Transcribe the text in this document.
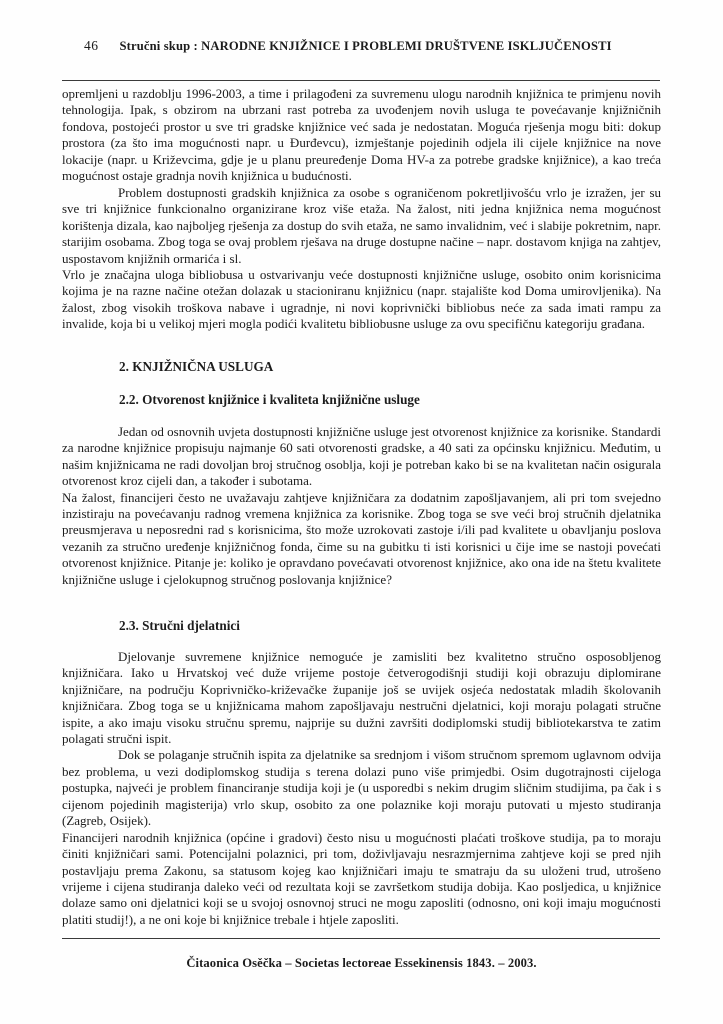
46 Stručni skup : NARODNE KNJIŽNICE I PROBLEMI DRUŠTVENE ISKLJUČENOSTI

opremljeni u razdoblju 1996-2003, a time i prilagođeni za suvremenu ulogu narodnih knjižnica te primjenu novih tehnologija. Ipak, s obzirom na ubrzani rast potreba za uvođenjem novih usluga te povećavanje knjižničnih fondova, postojeći prostor u sve tri gradske knjižnice već sada je nedostatan. Moguća rješenja mogu biti: dokup prostora (za što ima mogućnosti napr. u Đurđevcu), izmještanje pojedinih odjela ili cijele knjižnice na nove lokacije (napr. u Križevcima, gdje je u planu preuređenje Doma HV-a za potrebe gradske knjižnice), a kao treća mogućnost ostaje gradnja novih knjižnica u budućnosti.

Problem dostupnosti gradskih knjižnica za osobe s ograničenom pokretljivošću vrlo je izražen, jer su sve tri knjižnice funkcionalno organizirane kroz više etaža. Na žalost, niti jedna knjižnica nema mogućnost korištenja dizala, kao najboljeg rješenja za dostup do svih etaža, ne samo invalidnim, već i slabije pokretnim, napr. starijim osobama. Zbog toga se ovaj problem rješava na druge dostupne načine – napr. dostavom knjiga na zahtjev, uspostavom knjižnih ormarića i sl.

Vrlo je značajna uloga bibliobusa u ostvarivanju veće dostupnosti knjižnične usluge, osobito onim korisnicima kojima je na razne načine otežan dolazak u stacioniranu knjižnicu (napr. stajalište kod Doma umirovljenika). Na žalost, zbog visokih troškova nabave i ugradnje, ni novi koprivnički bibliobus neće za sada imati rampu za invalide, koja bi u velikoj mjeri mogla podići kvalitetu bibliobusne usluge za ovu specifičnu kategoriju građana.

2. KNJIŽNIČNA USLUGA
2.2. Otvorenost knjižnice i kvaliteta knjižnične usluge

Jedan od osnovnih uvjeta dostupnosti knjižnične usluge jest otvorenost knjižnice za korisnike. Standardi za narodne knjižnice propisuju najmanje 60 sati otvorenosti gradske, a 40 sati za općinsku knjižnicu. Međutim, u našim knjižnicama ne radi dovoljan broj stručnog osoblja, koji je potreban kako bi se na kvalitetan način osigurala otvorenost kroz cijeli dan, a također i subotama.

Na žalost, financijeri često ne uvažavaju zahtjeve knjižničara za dodatnim zapošljavanjem, ali pri tom svejedno inzistiraju na povećavanju radnog vremena knjižnica za korisnike. Zbog toga se sve veći broj stručnih djelatnika preusmjerava u neposredni rad s korisnicima, što može uzrokovati zastoje i/ili pad kvalitete u obavljanju poslova vezanih za stručno uređenje knjižničnog fonda, čime su na gubitku ti isti korisnici u čije ime se nastoji povećati otvorenost knjižnice. Pitanje je: koliko je opravdano povećavati otvorenost knjižnice, ako ona ide na štetu kvalitete knjižnične usluge i cjelokupnog stručnog poslovanja knjižnice?

2.3. Stručni djelatnici

Djelovanje suvremene knjižnice nemoguće je zamisliti bez kvalitetno stručno osposobljenog knjižničara. Iako u Hrvatskoj već duže vrijeme postoje četverogodišnji studiji koji obrazuju diplomirane knjižničare, na području Koprivničko-križevačke županije još se uvijek osjeća nedostatak mladih školovanih knjižničara. Zbog toga se u knjižnicama mahom zapošljavaju nestručni djelatnici, koji moraju polagati stručne ispite, a ako imaju visoku stručnu spremu, najprije su dužni završiti dodiplomski studij bibliotekarstva te zatim polagati stručni ispit.

Dok se polaganje stručnih ispita za djelatnike sa srednjom i višom stručnom spremom uglavnom odvija bez problema, u vezi dodiplomskog studija s terena dolazi puno više primjedbi. Osim dugotrajnosti cijeloga postupka, najveći je problem financiranje studija koji je (u usporedbi s nekim drugim sličnim studijima, pa čak i s cijenom pojedinih magisterija) vrlo skup, osobito za one polaznike koji moraju putovati u mjesto studiranja (Zagreb, Osijek).

Financijeri narodnih knjižnica (općine i gradovi) često nisu u mogućnosti plaćati troškove studija, pa to moraju činiti knjižničari sami. Potencijalni polaznici, pri tom, doživljavaju nesrazmjernima zahtjeve koji se pred njih postavljaju prema Zakonu, sa statusom kojeg kao knjižničari imaju te smatraju da su uloženi trud, utrošeno vrijeme i cijena studiranja daleko veći od rezultata koji se završetkom studija dobija. Kao posljedica, u knjižnice dolaze samo oni djelatnici koji se u svojoj osnovnoj struci ne mogu zaposliti (odnosno, oni koji imaju mogućnosti platiti studij!), a ne oni koje bi knjižnice trebale i htjele zaposliti.

Čitaonica Osěčka – Societas lectoreae Essekinensis 1843. – 2003.
